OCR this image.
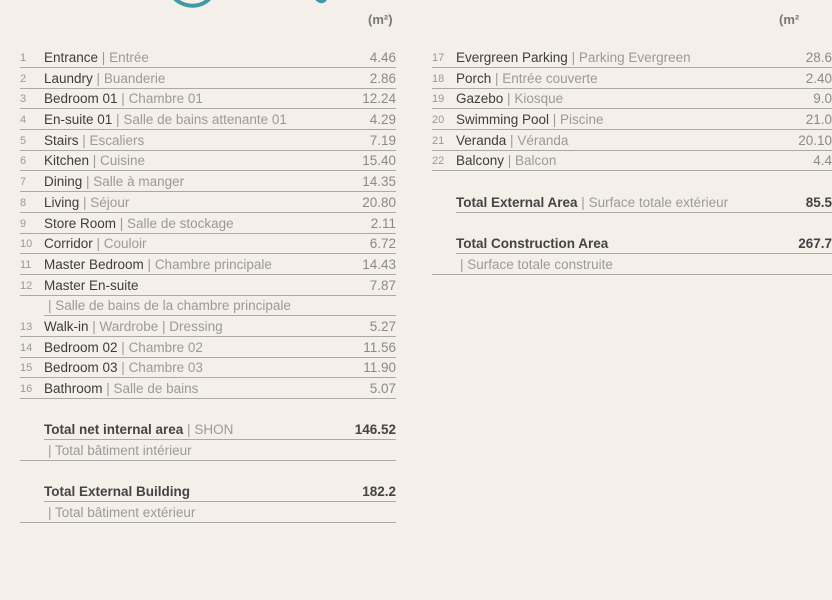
(m²)	(m²
1	Entrance | Entrée	4.46
2	Laundry | Buanderie	2.86
3	Bedroom 01 | Chambre 01	12.24
4	En-suite 01 | Salle de bains attenante 01	4.29
5	Stairs | Escaliers	7.19
6	Kitchen | Cuisine	15.40
7	Dining | Salle à manger	14.35
8	Living | Séjour	20.80
9	Store Room | Salle de stockage	2.11
10 Corridor | Couloir	6.72
11 Master Bedroom | Chambre principale	14.43
12 Master En-suite	7.87
| Salle de bains de la chambre principale
13 Walk-in | Wardrobe | Dressing	5.27
14 Bedroom 02 | Chambre 02	11.56
15 Bedroom 03 | Chambre 03	11.90
16 Bathroom | Salle de bains	5.07
Total net internal area | SHON	146.52
| Total bâtiment intérieur
Total External Building	182.2
| Total bâtiment extérieur
17 Evergreen Parking | Parking Evergreen	28.6
18 Porch | Entrée couverte	2.40
19 Gazebo | Kiosque	9.0
20 Swimming Pool | Piscine	21.0
21 Veranda | Véranda	20.10
22 Balcony | Balcon	4.4
Total External Area | Surface totale extérieur	85.5
Total Construction Area	267.7
| Surface totale construite
